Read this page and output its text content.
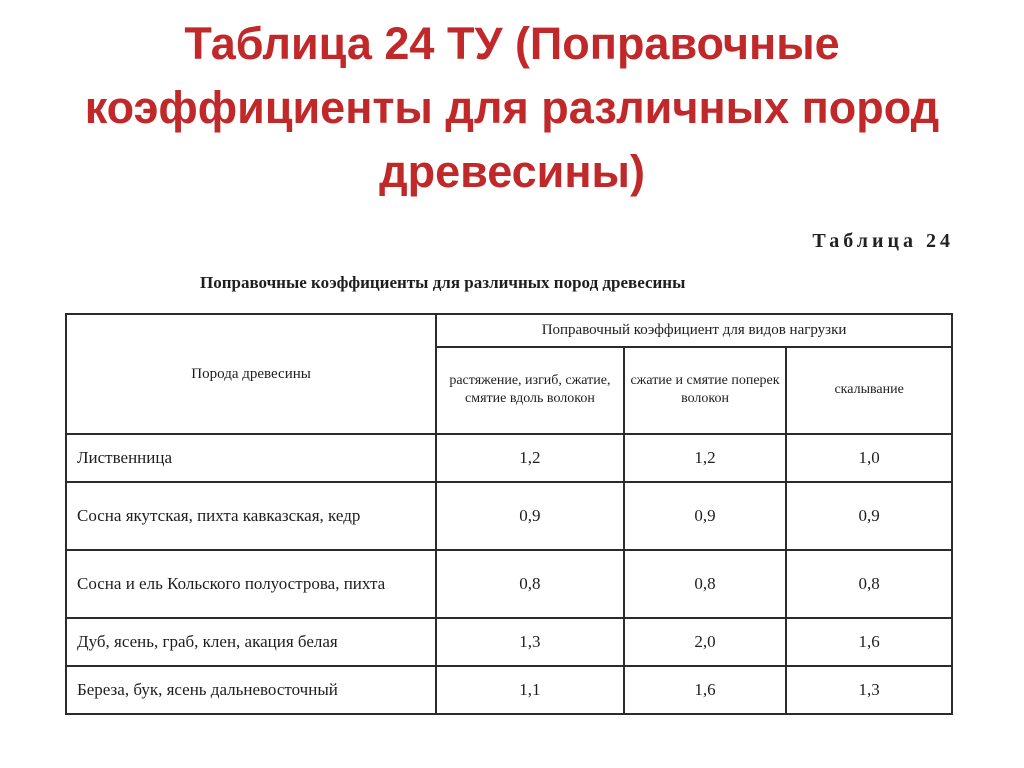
Таблица 24 ТУ (Поправочные коэффициенты для различных пород древесины)
Таблица 24
Поправочные коэффициенты для различных пород древесины
Порода древесины	Поправочный коэффициент для видов нагрузки		
	растяжение, изгиб, сжатие, смятие вдоль волокон	сжатие и смятие поперек волокон	скалывание
Лиственница	1,2	1,2	1,0
Сосна якутская, пихта кавказская, кедр	0,9	0,9	0,9
Сосна и ель Кольского полуострова, пихта	0,8	0,8	0,8
Дуб, ясень, граб, клен, акация белая	1,3	2,0	1,6
Береза, бук, ясень дальневосточный	1,1	1,6	1,3
